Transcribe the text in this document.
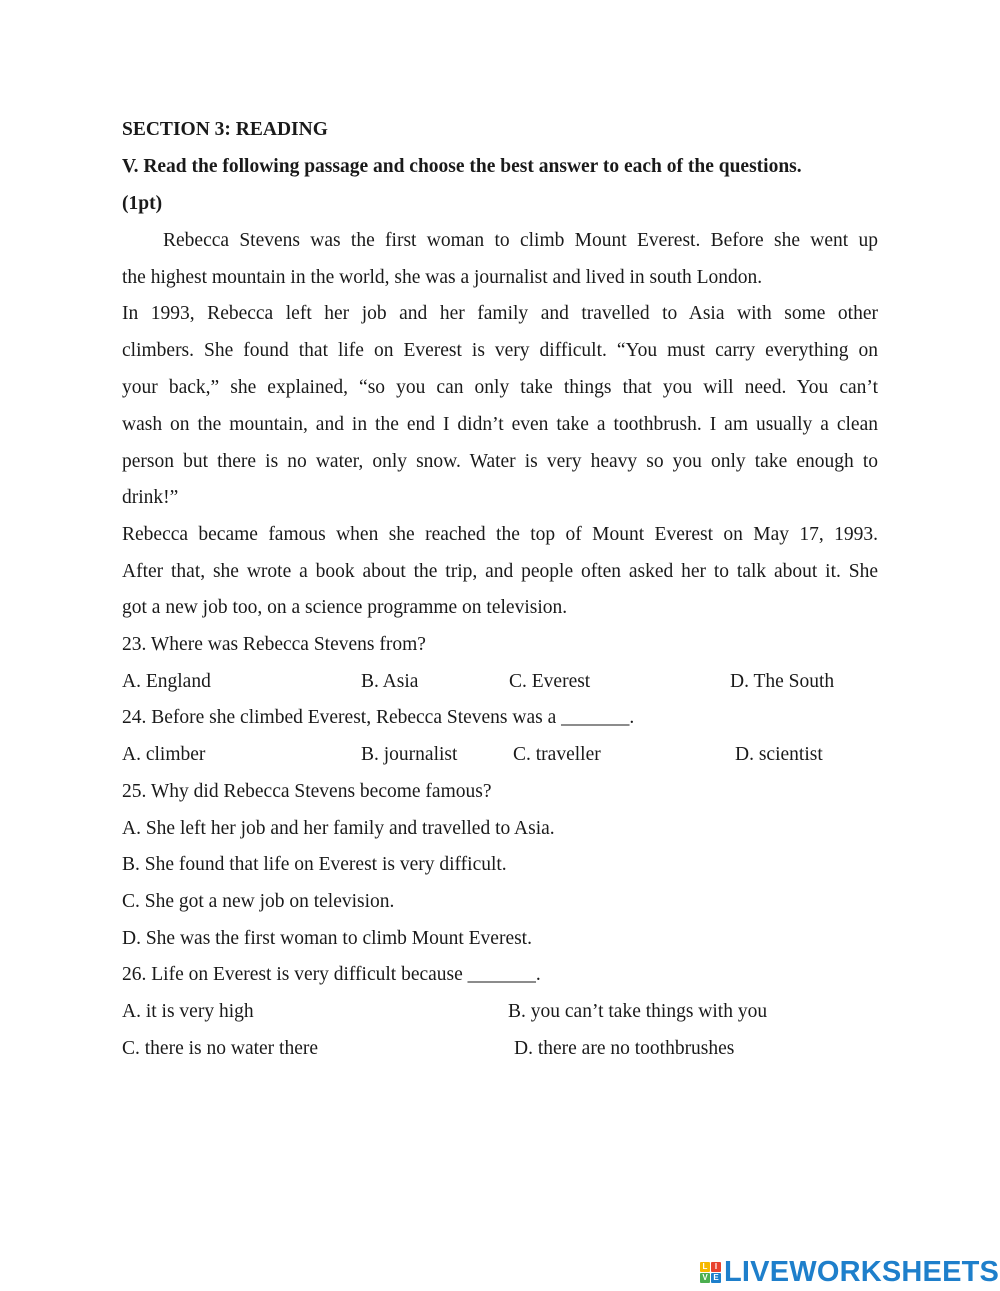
SECTION 3: READING
V. Read the following passage and choose the best answer to each of the questions.
(1pt)
Rebecca Stevens was the first woman to climb Mount Everest. Before she went up
the highest mountain in the world, she was a journalist and lived in south London.
In 1993, Rebecca left her job and her family and travelled to Asia with some other
climbers. She found that life on Everest is very difficult. “You must carry everything on
your back,” she explained, “so you can only take things that you will need. You can’t
wash on the mountain, and in the end I didn’t even take a toothbrush. I am usually a clean
person but there is no water, only snow. Water is very heavy so you only take enough to
drink!”
Rebecca became famous when she reached the top of Mount Everest on May 17, 1993.
After that, she wrote a book about the trip, and people often asked her to talk about it. She
got a new job too, on a science programme on television.
23. Where was Rebecca Stevens from?
A. England	B. Asia	C. Everest	D. The South
24. Before she climbed Everest, Rebecca Stevens was a _______.
A. climber	B. journalist	C. traveller	D. scientist
25. Why did Rebecca Stevens become famous?
A. She left her job and her family and travelled to Asia.
B. She found that life on Everest is very difficult.
C. She got a new job on television.
D. She was the first woman to climb Mount Everest.
26. Life on Everest is very difficult because _______.
A. it is very high	B. you can’t take things with you
C. there is no water there	D. there are no toothbrushes
L I
V E LIVEWORKSHEETS
